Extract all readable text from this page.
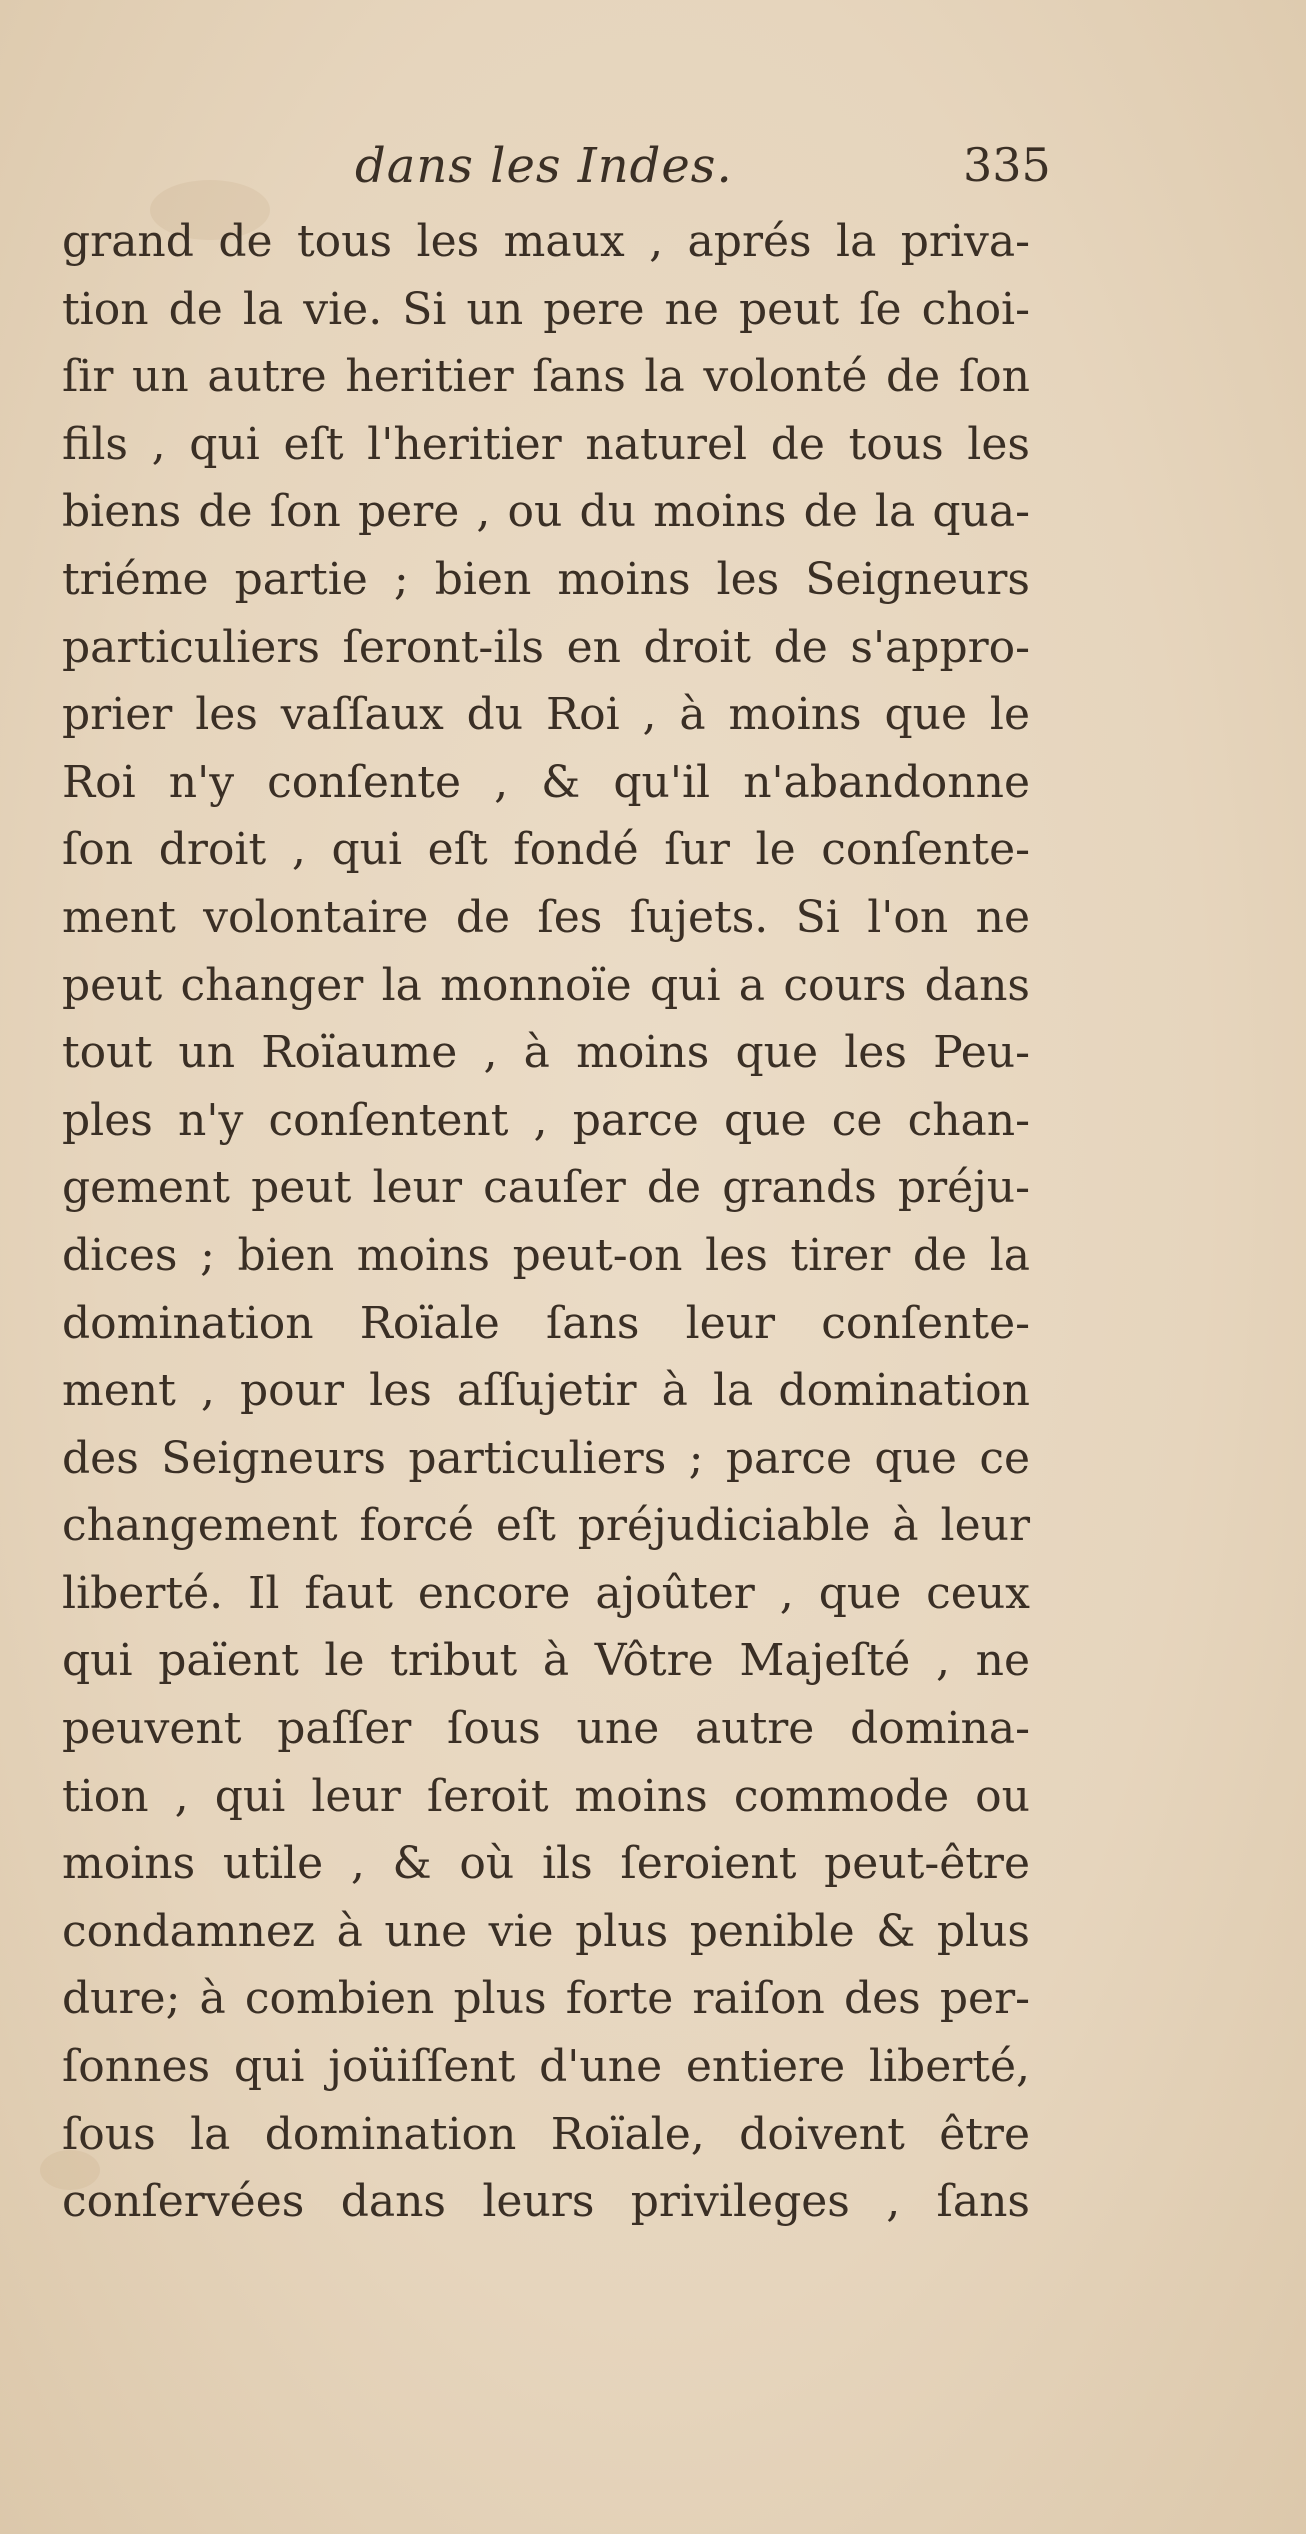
dans les Indes.	335
grand de tous les maux , aprés la priva-
tion de la vie. Si un pere ne peut ſe choi-
ſir un autre heritier ſans la volonté de ſon
fils , qui eſt l'heritier naturel de tous les
biens de ſon pere , ou du moins de la qua-
triéme partie ; bien moins les Seigneurs
particuliers ſeront-ils en droit de s'appro-
prier les vaſſaux du Roi , à moins que le
Roi n'y conſente , & qu'il n'abandonne
ſon droit , qui eſt fondé ſur le conſente-
ment volontaire de ſes ſujets. Si l'on ne
peut changer la monnoïe qui a cours dans
tout un Roïaume , à moins que les Peu-
ples n'y conſentent , parce que ce chan-
gement peut leur cauſer de grands préju-
dices ; bien moins peut-on les tirer de la
domination Roïale ſans leur conſente-
ment , pour les aſſujetir à la domination
des Seigneurs particuliers ; parce que ce
changement forcé eſt préjudiciable à leur
liberté. Il faut encore ajoûter , que ceux
qui païent le tribut à Vôtre Majeſté , ne
peuvent paſſer ſous une autre domina-
tion , qui leur ſeroit moins commode ou
moins utile , & où ils ſeroient peut-être
condamnez à une vie plus penible & plus
dure; à combien plus forte raiſon des per-
ſonnes qui joüiſſent d'une entiere liberté,
ſous la domination Roïale, doivent être
conſervées dans leurs privileges , ſans
